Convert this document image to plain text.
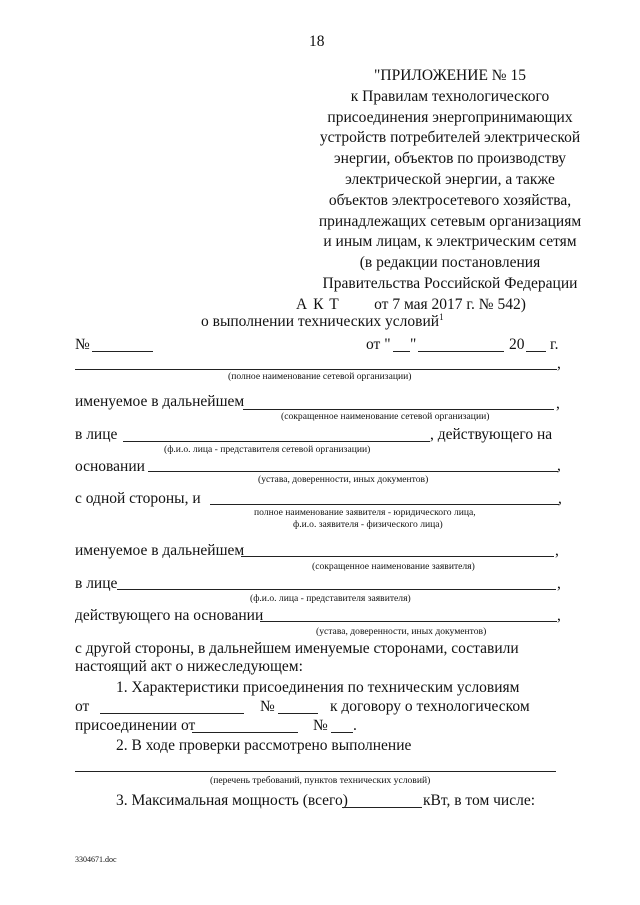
18
"ПРИЛОЖЕНИЕ № 15
к Правилам технологического
присоединения энергопринимающих
устройств потребителей электрической
энергии, объектов по производству
электрической энергии, а также
объектов электросетевого хозяйства,
принадлежащих сетевым организациям
и иным лицам, к электрическим сетям
(в редакции постановления
Правительства Российской Федерации
от 7 мая 2017 г. № 542)
А К Т
о выполнении технических условий$^1$
№	от " "	20 г.
,
(полное наименование сетевой организации)
именуемое в дальнейшем	,
(сокращенное наименование сетевой организации)
в лице	, действующего на
(ф.и.о. лица - представителя сетевой организации)
основании	,
(устава, доверенности, иных документов)
с одной стороны, и	,
полное наименование заявителя - юридического лица,
ф.и.о. заявителя - физического лица)
именуемое в дальнейшем	,
(сокращенное наименование заявителя)
в лице	,
(ф.и.о. лица - представителя заявителя)
действующего на основании	,
(устава, доверенности, иных документов)
с другой стороны, в дальнейшем именуемые сторонами, составили
настоящий акт о нижеследующем:
1. Характеристики присоединения по техническим условиям
от	№	к договору о технологическом
присоединении от	№ .
2. В ходе проверки рассмотрено выполнение
(перечень требований, пунктов технических условий)
3. Максимальная мощность (всего)	кВт, в том числе:
3304671.doc
